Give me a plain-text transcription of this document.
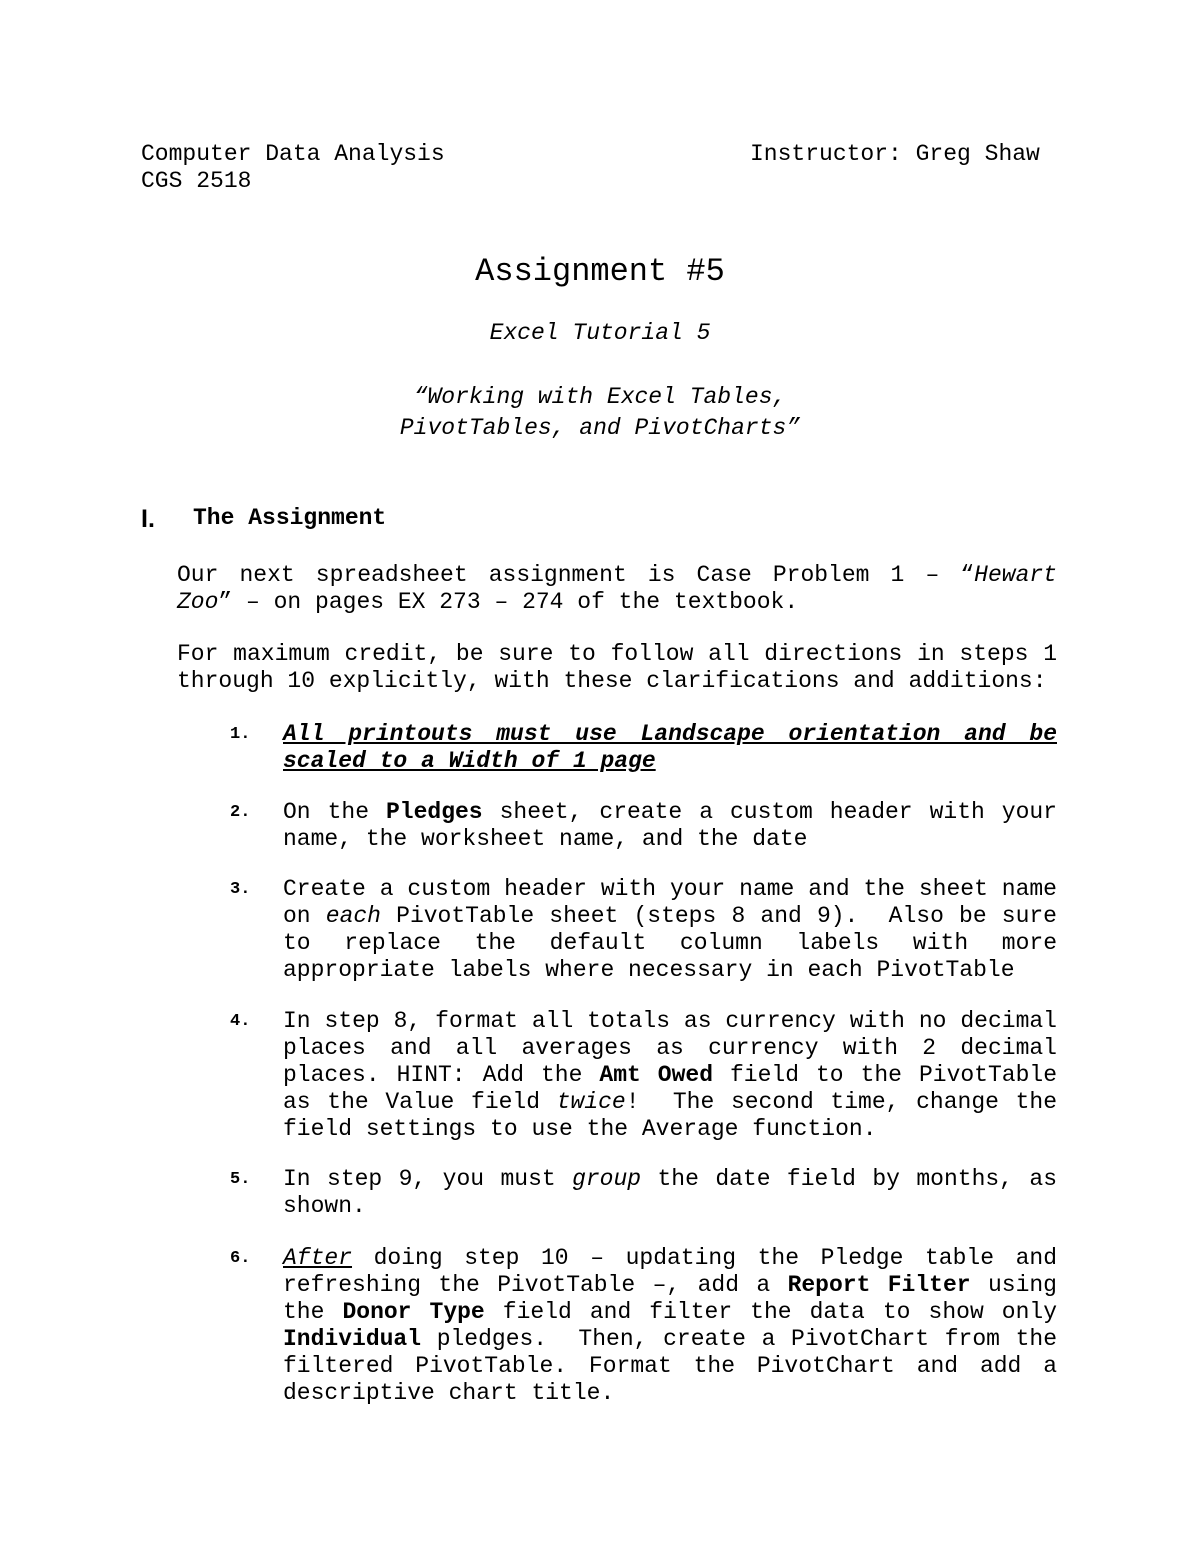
Computer Data Analysis
CGS 2518
Instructor: Greg Shaw
Assignment #5
Excel Tutorial 5
“Working with Excel Tables,
PivotTables, and PivotCharts”
I. The Assignment
Our next spreadsheet assignment is Case Problem 1 – “Hewart
Zoo” – on pages EX 273 – 274 of the textbook.
For maximum credit, be sure to follow all directions in steps 1
through 10 explicitly, with these clarifications and additions:
1. All printouts must use Landscape orientation and be
scaled to a Width of 1 page
2. On the Pledges sheet, create a custom header with your
name, the worksheet name, and the date
3. Create a custom header with your name and the sheet name
on each PivotTable sheet (steps 8 and 9).  Also be sure
to replace the default column labels with more
appropriate labels where necessary in each PivotTable
4. In step 8, format all totals as currency with no decimal
places and all averages as currency with 2 decimal
places. HINT: Add the Amt Owed field to the PivotTable
as the Value field twice!  The second time, change the
field settings to use the Average function.
5. In step 9, you must group the date field by months, as
shown.
6. After doing step 10 – updating the Pledge table and
refreshing the PivotTable –, add a Report Filter using
the Donor Type field and filter the data to show only
Individual pledges.  Then, create a PivotChart from the
filtered PivotTable. Format the PivotChart and add a
descriptive chart title.
